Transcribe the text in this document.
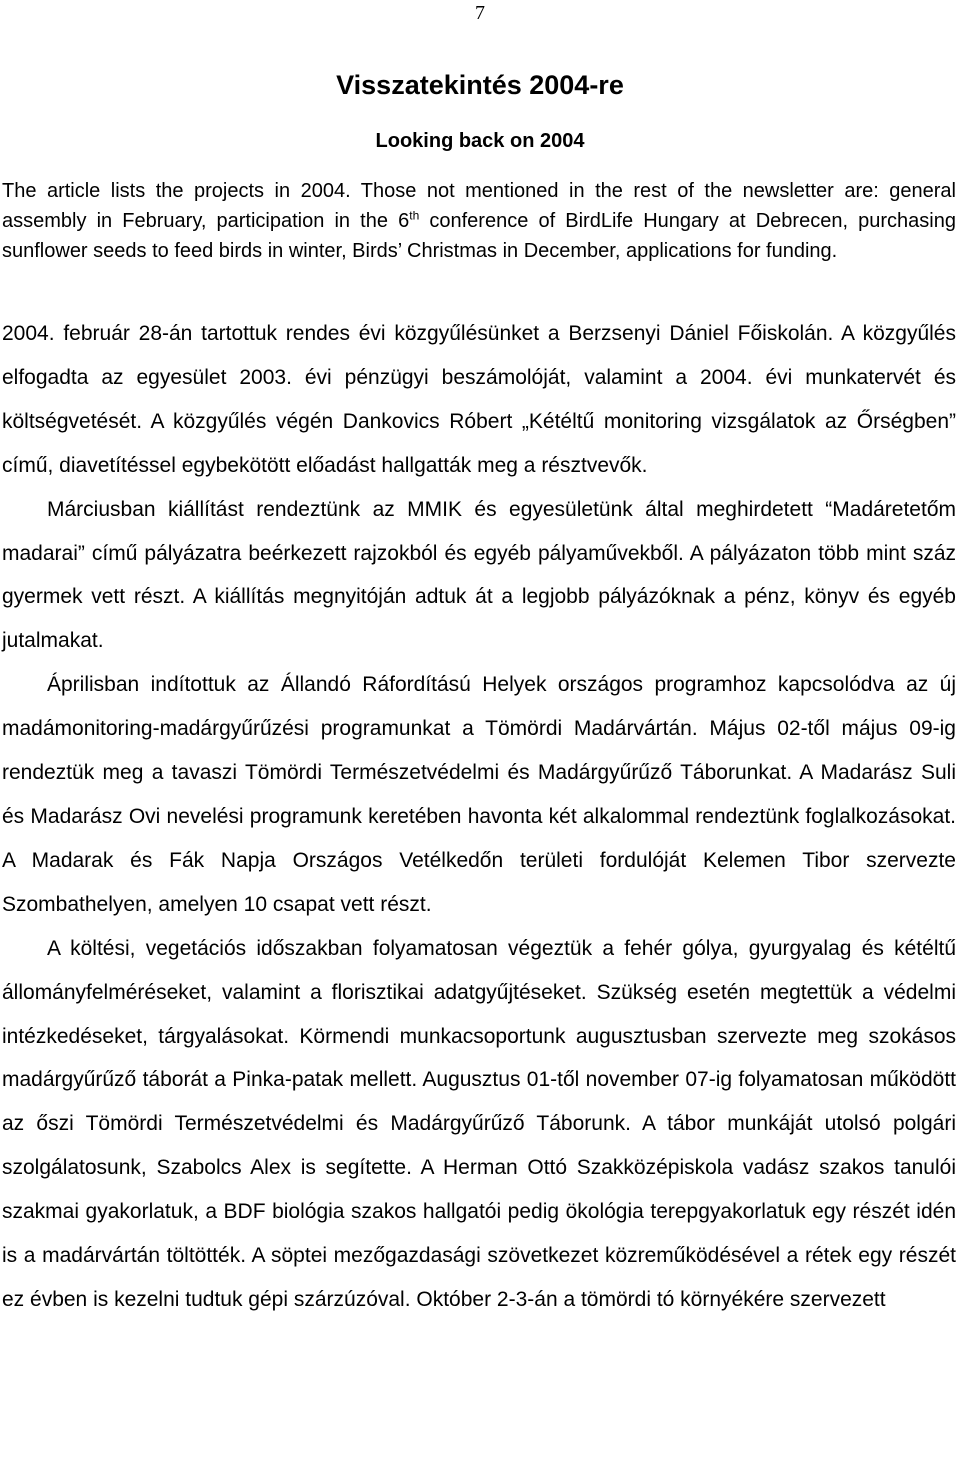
7
Visszatekintés 2004-re
Looking back on 2004

The article lists the projects in 2004. Those not mentioned in the rest of the newsletter are: general assembly in February, participation in the 6th conference of BirdLife Hungary at Debrecen, purchasing sunflower seeds to feed birds in winter, Birds’ Christmas in December, applications for funding.

2004. február 28-án tartottuk rendes évi közgyűlésünket a Berzsenyi Dániel Főiskolán. A közgyűlés elfogadta az egyesület 2003. évi pénzügyi beszámolóját, valamint a 2004. évi munkatervét és költségvetését. A közgyűlés végén Dankovics Róbert „Kétéltű monitoring vizsgálatok az Őrségben” című, diavetítéssel egybekötött előadást hallgatták meg a résztvevők.

Márciusban kiállítást rendeztünk az MMIK és egyesületünk által meghirdetett “Madáretetőm madarai” című pályázatra beérkezett rajzokból és egyéb pályaművekből. A pályázaton több mint száz gyermek vett részt. A kiállítás megnyitóján adtuk át a legjobb pályázóknak a pénz, könyv és egyéb jutalmakat.

Áprilisban indítottuk az Állandó Ráfordítású Helyek országos programhoz kapcsolódva az új madámonitoring-madárgyűrűzési programunkat a Tömördi Madárvártán. Május 02-től május 09-ig rendeztük meg a tavaszi Tömördi Természetvédelmi és Madárgyűrűző Táborunkat. A Madarász Suli és Madarász Ovi nevelési programunk keretében havonta két alkalommal rendeztünk foglalkozásokat. A Madarak és Fák Napja Országos Vetélkedőn területi fordulóját Kelemen Tibor szervezte Szombathelyen, amelyen 10 csapat vett részt.

A költési, vegetációs időszakban folyamatosan végeztük a fehér gólya, gyurgyalag és kétéltű állományfelméréseket, valamint a florisztikai adatgyűjtéseket. Szükség esetén megtettük a védelmi intézkedéseket, tárgyalásokat. Körmendi munkacsoportunk augusztusban szervezte meg szokásos madárgyűrűző táborát a Pinka-patak mellett. Augusztus 01-től november 07-ig folyamatosan működött az őszi Tömördi Természetvédelmi és Madárgyűrűző Táborunk. A tábor munkáját utolsó polgári szolgálatosunk, Szabolcs Alex is segítette. A Herman Ottó Szakközépiskola vadász szakos tanulói szakmai gyakorlatuk, a BDF biológia szakos hallgatói pedig ökológia terepgyakorlatuk egy részét idén is a madárvártán töltötték. A söptei mezőgazdasági szövetkezet közreműködésével a rétek egy részét ez évben is kezelni tudtuk gépi szárzúzóval. Október 2-3-án a tömördi tó környékére szervezett
